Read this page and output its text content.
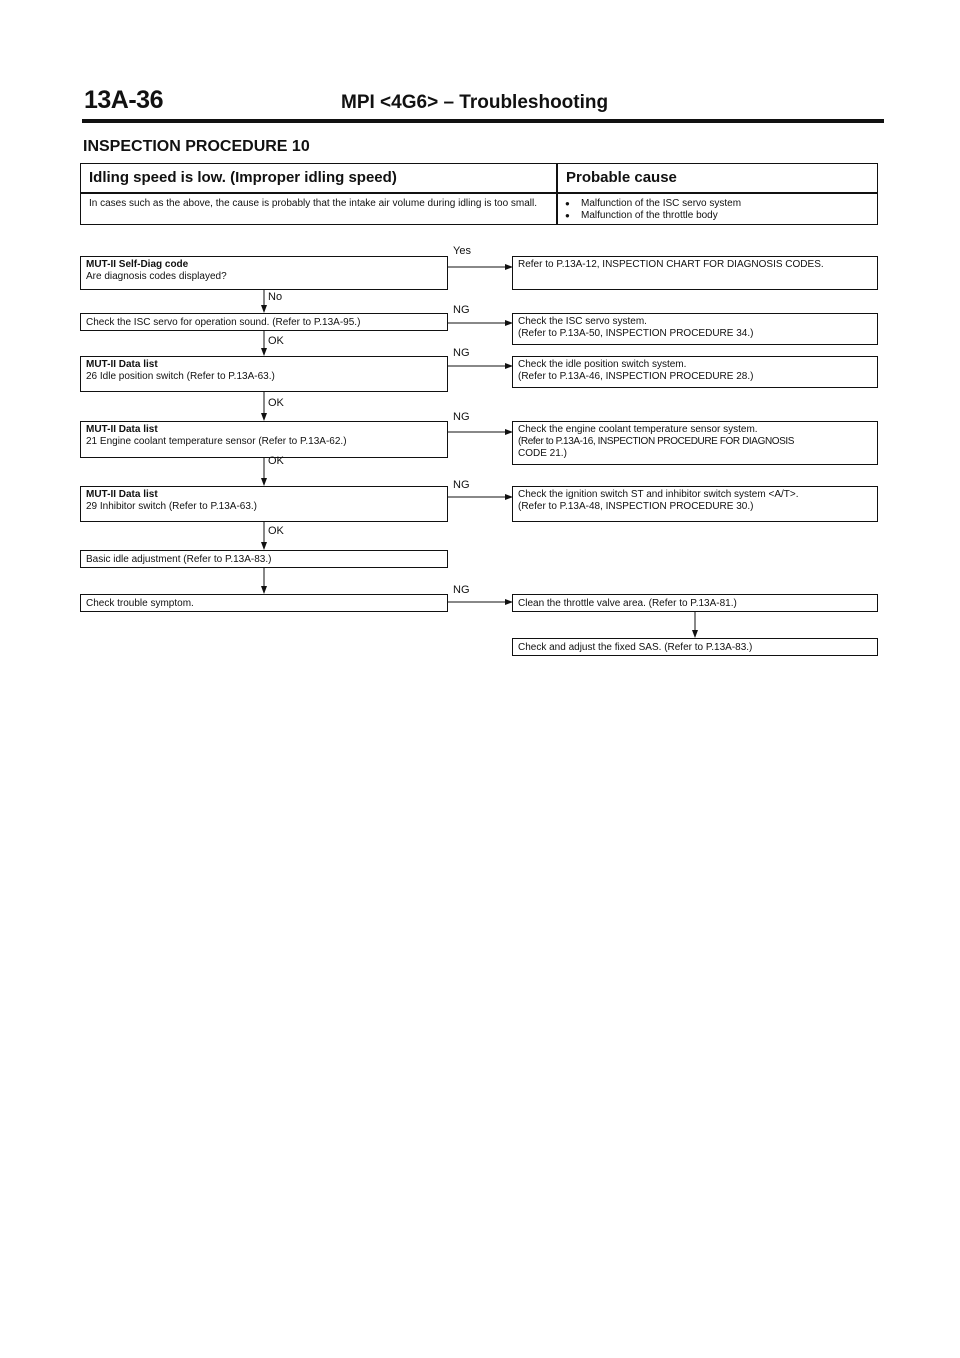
13A-36	MPI <4G6> – Troubleshooting
INSPECTION PROCEDURE 10
Idling speed is low. (Improper idling speed)	Probable cause
In cases such as the above, the cause is probably that the intake air volume during idling is too small.
●	Malfunction of the ISC servo system
● Malfunction of the throttle body
MUT-II Self-Diag code
Are diagnosis codes displayed?
Check the ISC servo for operation sound. (Refer to P.13A-95.)
MUT-II Data list
26 Idle position switch (Refer to P.13A-63.)
MUT-II Data list
21 Engine coolant temperature sensor (Refer to P.13A-62.)
MUT-II Data list
29 Inhibitor switch (Refer to P.13A-63.)
Basic idle adjustment (Refer to P.13A-83.)
Check trouble symptom.
Yes
No
NG
OK
NG
OK
NG
OK
NG
OK
NG
Refer to P.13A-12, INSPECTION CHART FOR DIAGNOSIS CODES.
Check the ISC servo system.
(Refer to P.13A-50, INSPECTION PROCEDURE 34.)
Check the idle position switch system.
(Refer to P.13A-46, INSPECTION PROCEDURE 28.)
Check the engine coolant temperature sensor system.
(Refer to P.13A-16, INSPECTION PROCEDURE FOR DIAGNOSIS
CODE 21.)
Check the ignition switch ST and inhibitor switch system <A/T>.
(Refer to P.13A-48, INSPECTION PROCEDURE 30.)
Clean the throttle valve area. (Refer to P.13A-81.)
Check and adjust the fixed SAS. (Refer to P.13A-83.)
